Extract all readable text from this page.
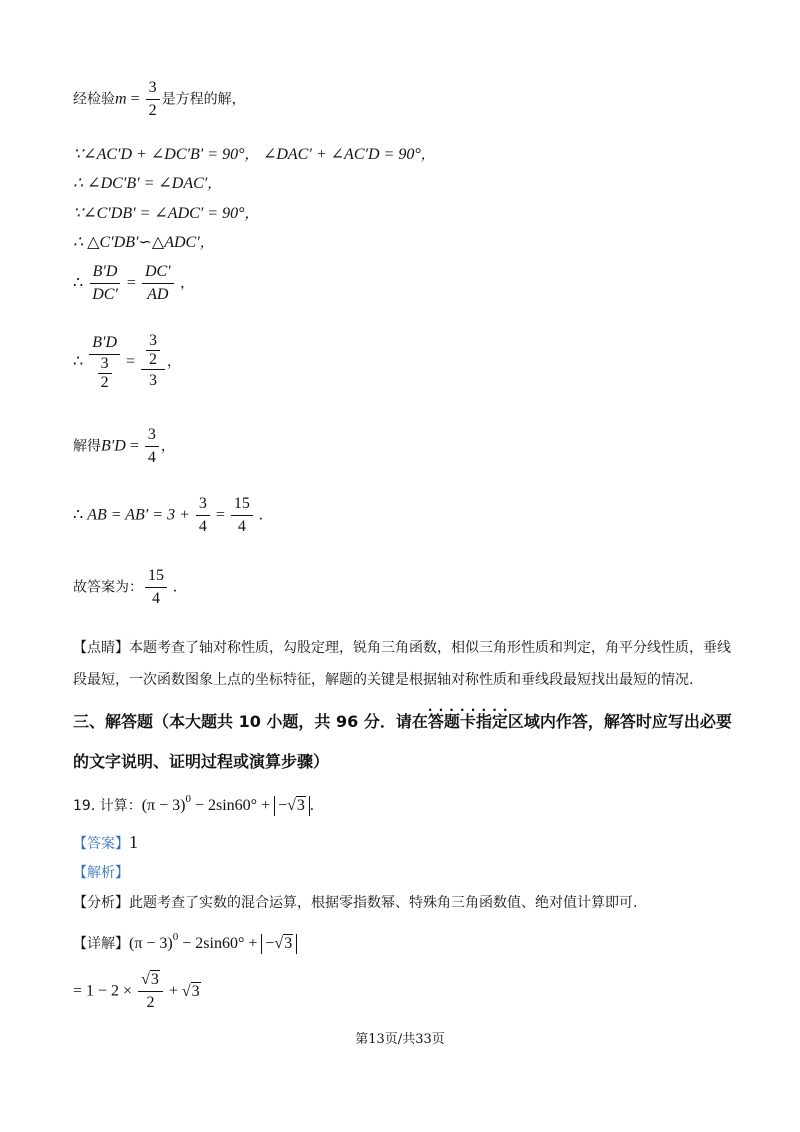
经检验$m = \frac{3}{2}$ 是方程的解，
∵∠AC′D + ∠DC′B′ = 90°， ∠DAC′ + ∠AC′D = 90°，
∴ ∠DC′B′ = ∠DAC′，
∵∠C′DB′ = ∠ADC′ = 90°，
∴ △C′DB′∽△ADC′，
∴ $\frac{B'D}{DC'} = \frac{DC'}{AD}$ ，
∴ $\frac{B'D}{\frac{3}{2}} = \frac{\frac{3}{2}}{3}$ ，
解得$B'D = \frac{3}{4}$ ，
∴ AB = $AB' = 3 + \frac{3}{4} = \frac{15}{4}$ .
故答案为： $\frac{15}{4}$ .
【点睛】本题考查了轴对称性质，勾股定理，锐角三角函数，相似三角形性质和判定，角平分线性质，垂线段最短，一次函数图象上点的坐标特征，解题的关键是根据轴对称性质和垂线段最短找出最短的情况.
三、解答题（本大题共 10 小题，共 96 分．请在答题卡指定区域内 · · ·作答，解答时应写出必要
的文字说明、证明过程或演算步骤）
19. 计算：$(\pi - 3)^0 - 2\sin 60^\circ + -√3$ .
【答案】1
【解析】
【分析】此题考查了实数的混合运算，根据零指数幂、特殊角三角函数值、绝对值计算即可.
【详解】$(\pi - 3)^0 - 2\sin 60^\circ + -√3$
= $1 - 2 \times \frac{√3}{2} + √3$
第13页/共33页
